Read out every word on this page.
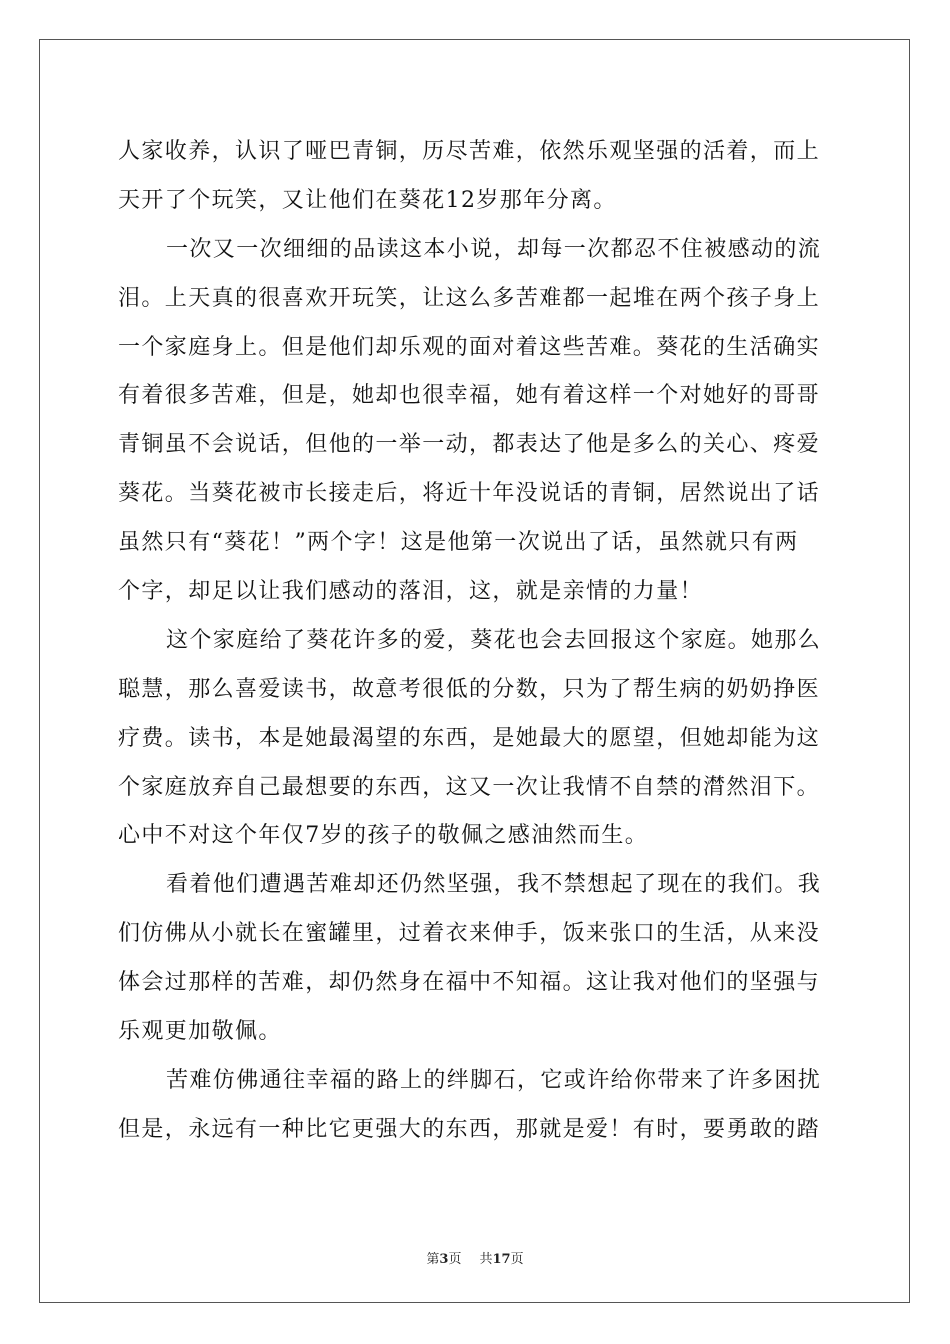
人家收养，认识了哑巴青铜，历尽苦难，依然乐观坚强的活着，而上
天开了个玩笑，又让他们在葵花12岁那年分离。
一次又一次细细的品读这本小说，却每一次都忍不住被感动的流
泪。上天真的很喜欢开玩笑，让这么多苦难都一起堆在两个孩子身上
一个家庭身上。但是他们却乐观的面对着这些苦难。葵花的生活确实
有着很多苦难，但是，她却也很幸福，她有着这样一个对她好的哥哥
青铜虽不会说话，但他的一举一动，都表达了他是多么的关心、疼爱
葵花。当葵花被市长接走后，将近十年没说话的青铜，居然说出了话
虽然只有“葵花！”两个字！这是他第一次说出了话，虽然就只有两
个字，却足以让我们感动的落泪，这，就是亲情的力量！
这个家庭给了葵花许多的爱，葵花也会去回报这个家庭。她那么
聪慧，那么喜爱读书，故意考很低的分数，只为了帮生病的奶奶挣医
疗费。读书，本是她最渴望的东西，是她最大的愿望，但她却能为这
个家庭放弃自己最想要的东西，这又一次让我情不自禁的潸然泪下。
心中不对这个年仅7岁的孩子的敬佩之感油然而生。
看着他们遭遇苦难却还仍然坚强，我不禁想起了现在的我们。我
们仿佛从小就长在蜜罐里，过着衣来伸手，饭来张口的生活，从来没
体会过那样的苦难，却仍然身在福中不知福。这让我对他们的坚强与
乐观更加敬佩。
苦难仿佛通往幸福的路上的绊脚石，它或许给你带来了许多困扰
但是，永远有一种比它更强大的东西，那就是爱！有时，要勇敢的踏
第3页 共17页
